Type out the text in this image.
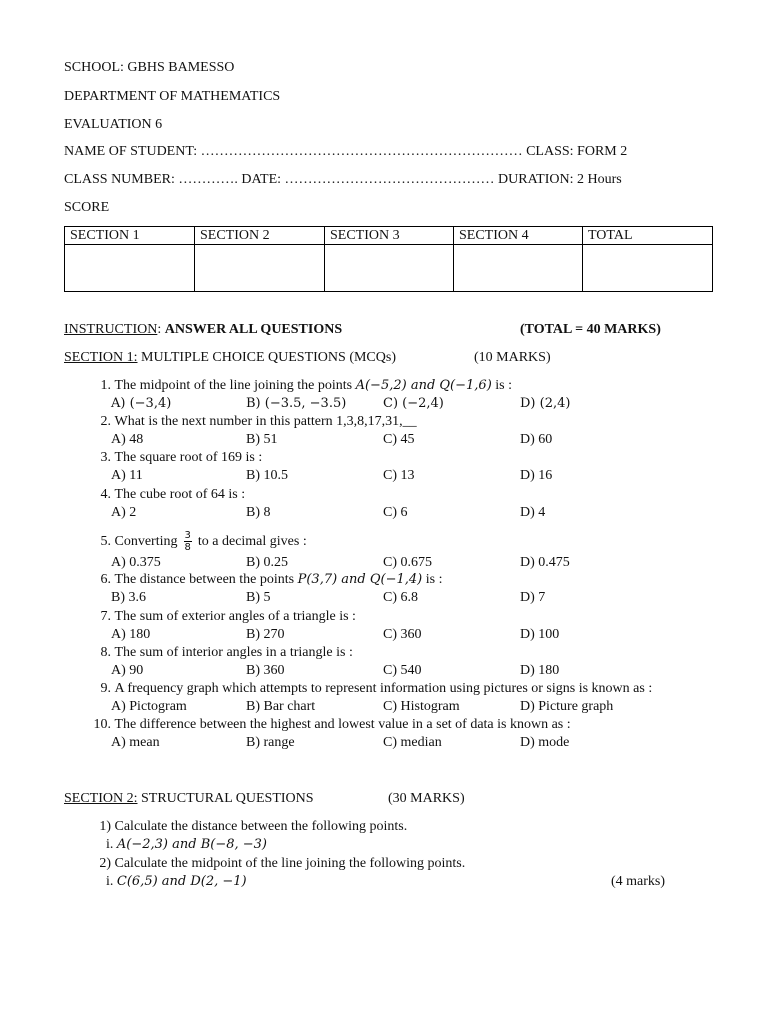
SCHOOL: GBHS BAMESSO
DEPARTMENT OF MATHEMATICS
EVALUATION 6
NAME OF STUDENT: …………………………………………………………… CLASS: FORM 2
CLASS NUMBER: …………. DATE: ……………………………………… DURATION: 2 Hours
SCORE
SECTION 1	SECTION 2	SECTION 3	SECTION 4	TOTAL

INSTRUCTION: ANSWER ALL QUESTIONS	(TOTAL = 40 MARKS)
SECTION 1: MULTIPLE CHOICE QUESTIONS (MCQs)	(10 MARKS)
1. The midpoint of the line joining the points A(−5,2) and Q(−1,6) is :
A) (−3,4)	B) (−3.5, −3.5)	C) (−2,4)	D) (2,4)
2. What is the next number in this pattern 1,3,8,17,31,__
A) 48	B) 51	C) 45	D) 60
3. The square root of 169 is :
A) 11	B) 10.5	C) 13	D) 16
4. The cube root of 64 is :
A) 2	B) 8	C) 6	D) 4
5. Converting $\frac{3}{8}$ to a decimal gives :
A) 0.375	B) 0.25	C) 0.675	D) 0.475
6. The distance between the points P(3,7) and Q(−1,4) is :
B) 3.6	B) 5	C) 6.8	D) 7
7. The sum of exterior angles of a triangle is :
A) 180	B) 270	C) 360	D) 100
8. The sum of interior angles in a triangle is :
A) 90	B) 360	C) 540	D) 180
9. A frequency graph which attempts to represent information using pictures or signs is known as :
A) Pictogram	B) Bar chart	C) Histogram	D) Picture graph
10. The difference between the highest and lowest value in a set of data is known as :
A) mean	B) range	C) median	D) mode
SECTION 2: STRUCTURAL QUESTIONS	(30 MARKS)
1) Calculate the distance between the following points.
i. A(−2,3) and B(−8, −3)
2) Calculate the midpoint of the line joining the following points.
i. C(6,5) and D(2, −1)	(4 marks)
